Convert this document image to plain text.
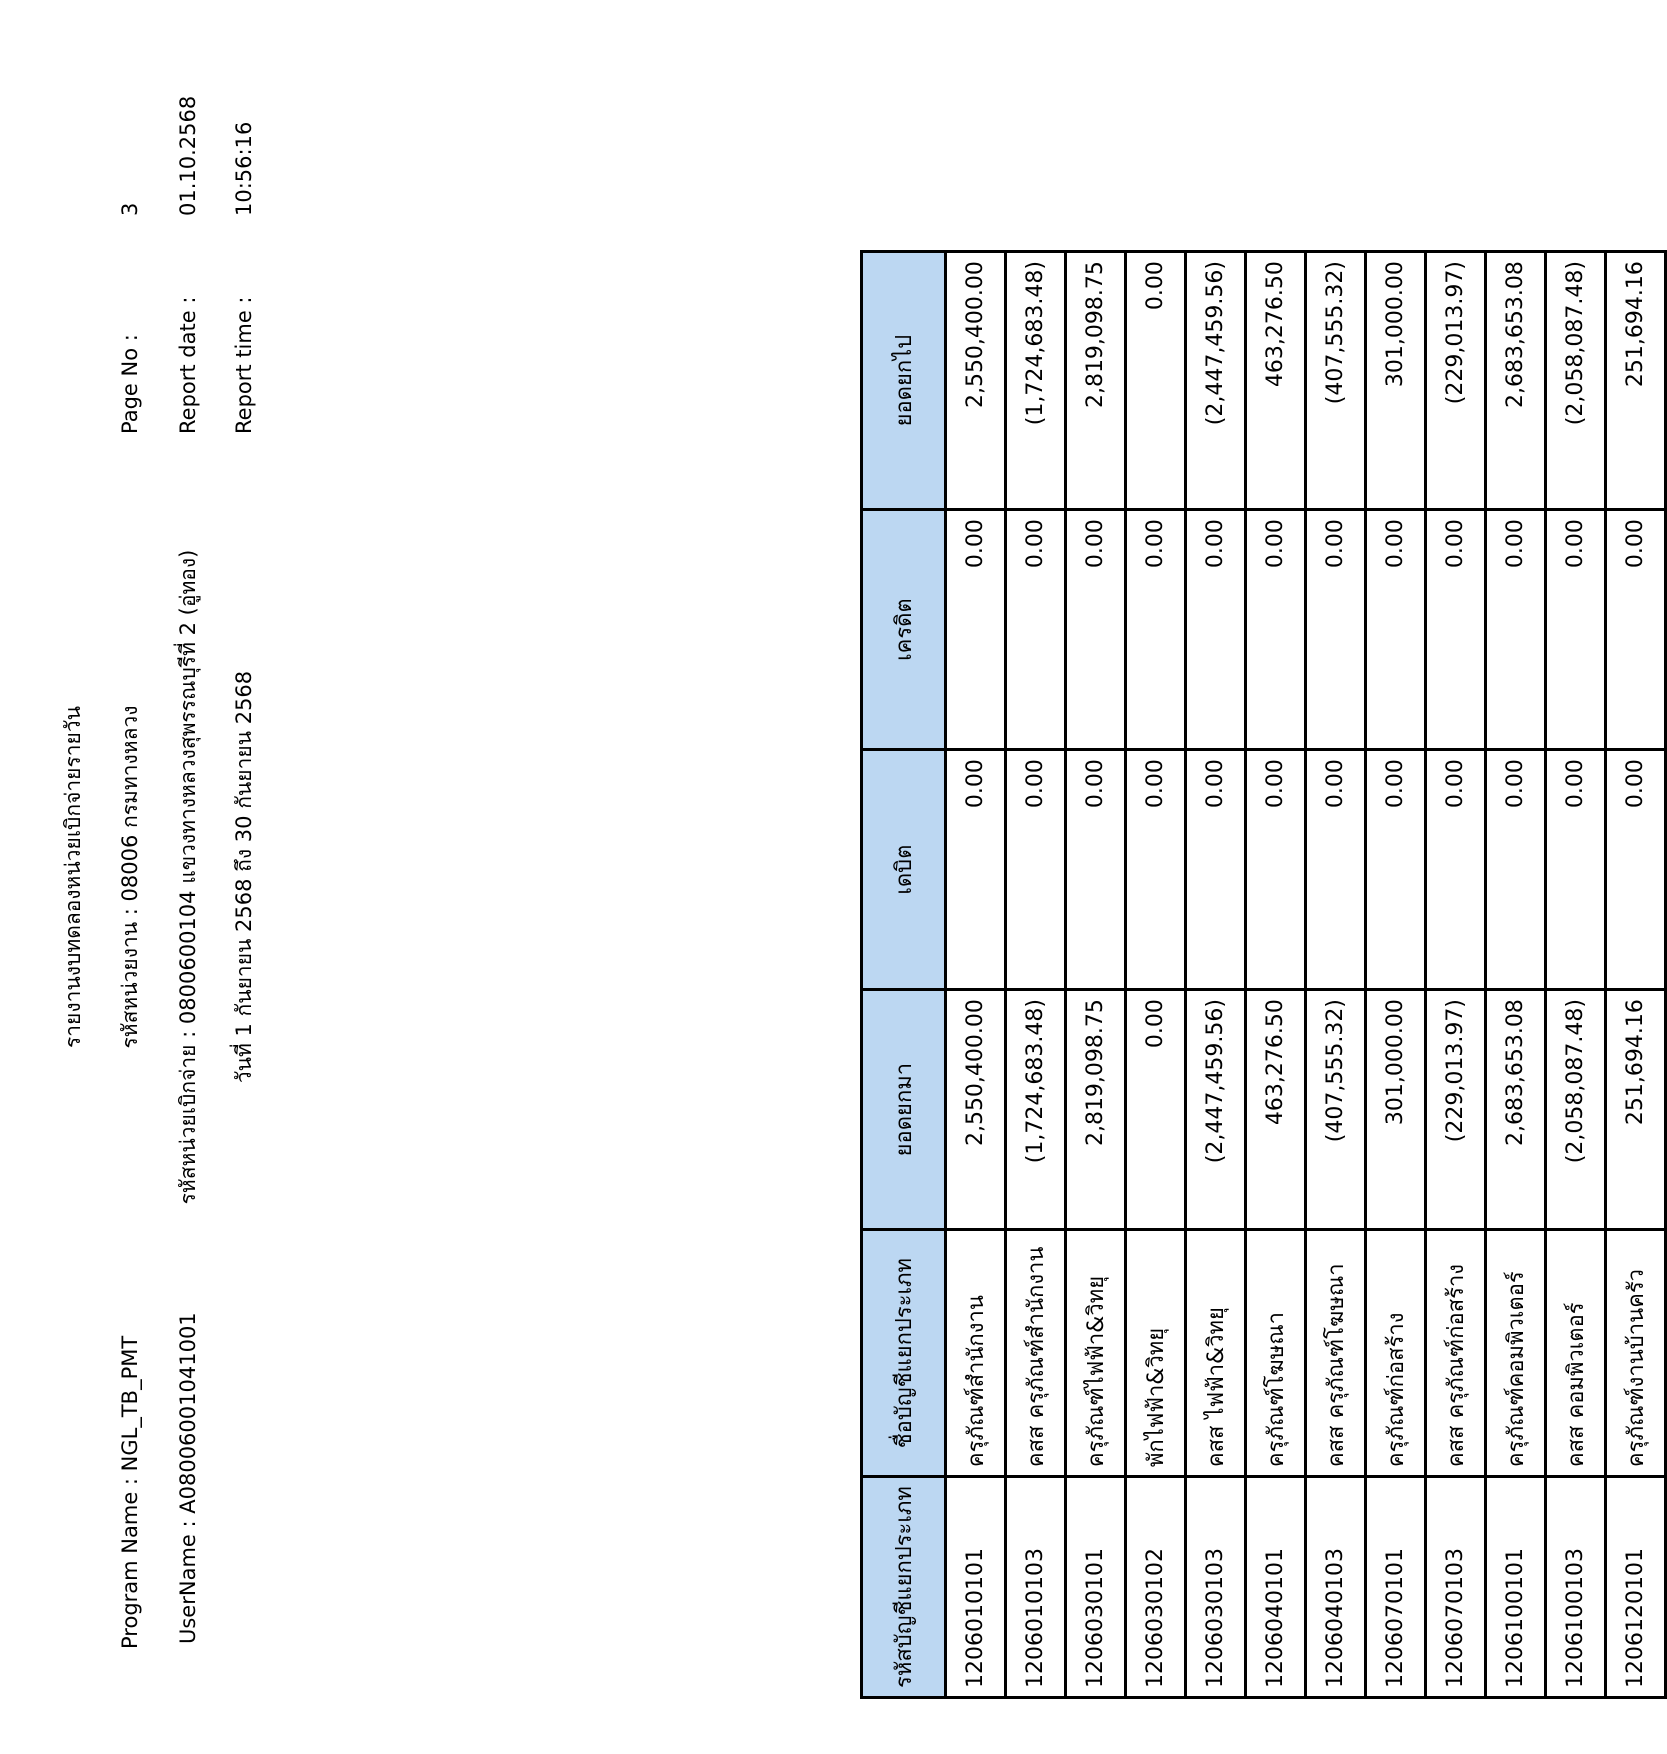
Program Name : NGL_TB_PMT UserName : A08006001041001
รายงานงบทดลองหน่วยเบิกจ่ายรายวัน รหัสหน่วยงาน : 08006 กรมทางหลวง รหัสหน่วยเบิกจ่าย : 0800600104 แขวงทางหลวงสุพรรณบุรีที่ 2 (อู่ทอง) วันที่ 1 กันยายน 2568 ถึง 30 กันยายน 2568
Page No :
3
Report date :
01.10.2568
Report time :
10:56:16
รหัสบัญชีแยกประเภท	ชื่อบัญชีแยกประเภท	ยอดยกมา	เดบิต	เครดิต	ยอดยกไป
1206010101	ครุภัณฑ์สำนักงาน	2,550,400.00	0.00	0.00	2,550,400.00
1206010103	คสส ครุภัณฑ์สำนักงาน	(1,724,683.48)	0.00	0.00	(1,724,683.48)
1206030101	ครุภัณฑ์ไฟฟ้า&วิทยุ	2,819,098.75	0.00	0.00	2,819,098.75
1206030102	พักไฟฟ้า&วิทยุ	0.00	0.00	0.00	0.00
1206030103	คสส ไฟฟ้า&วิทยุ	(2,447,459.56)	0.00	0.00	(2,447,459.56)
1206040101	ครุภัณฑ์โฆษณา	463,276.50	0.00	0.00	463,276.50
1206040103	คสส ครุภัณฑ์โฆษณา	(407,555.32)	0.00	0.00	(407,555.32)
1206070101	ครุภัณฑ์ก่อสร้าง	301,000.00	0.00	0.00	301,000.00
1206070103	คสส ครุภัณฑ์ก่อสร้าง	(229,013.97)	0.00	0.00	(229,013.97)
1206100101	ครุภัณฑ์คอมพิวเตอร์	2,683,653.08	0.00	0.00	2,683,653.08
1206100103	คสส คอมพิวเตอร์	(2,058,087.48)	0.00	0.00	(2,058,087.48)
1206120101	ครุภัณฑ์งานบ้านครัว	251,694.16	0.00	0.00	251,694.16
